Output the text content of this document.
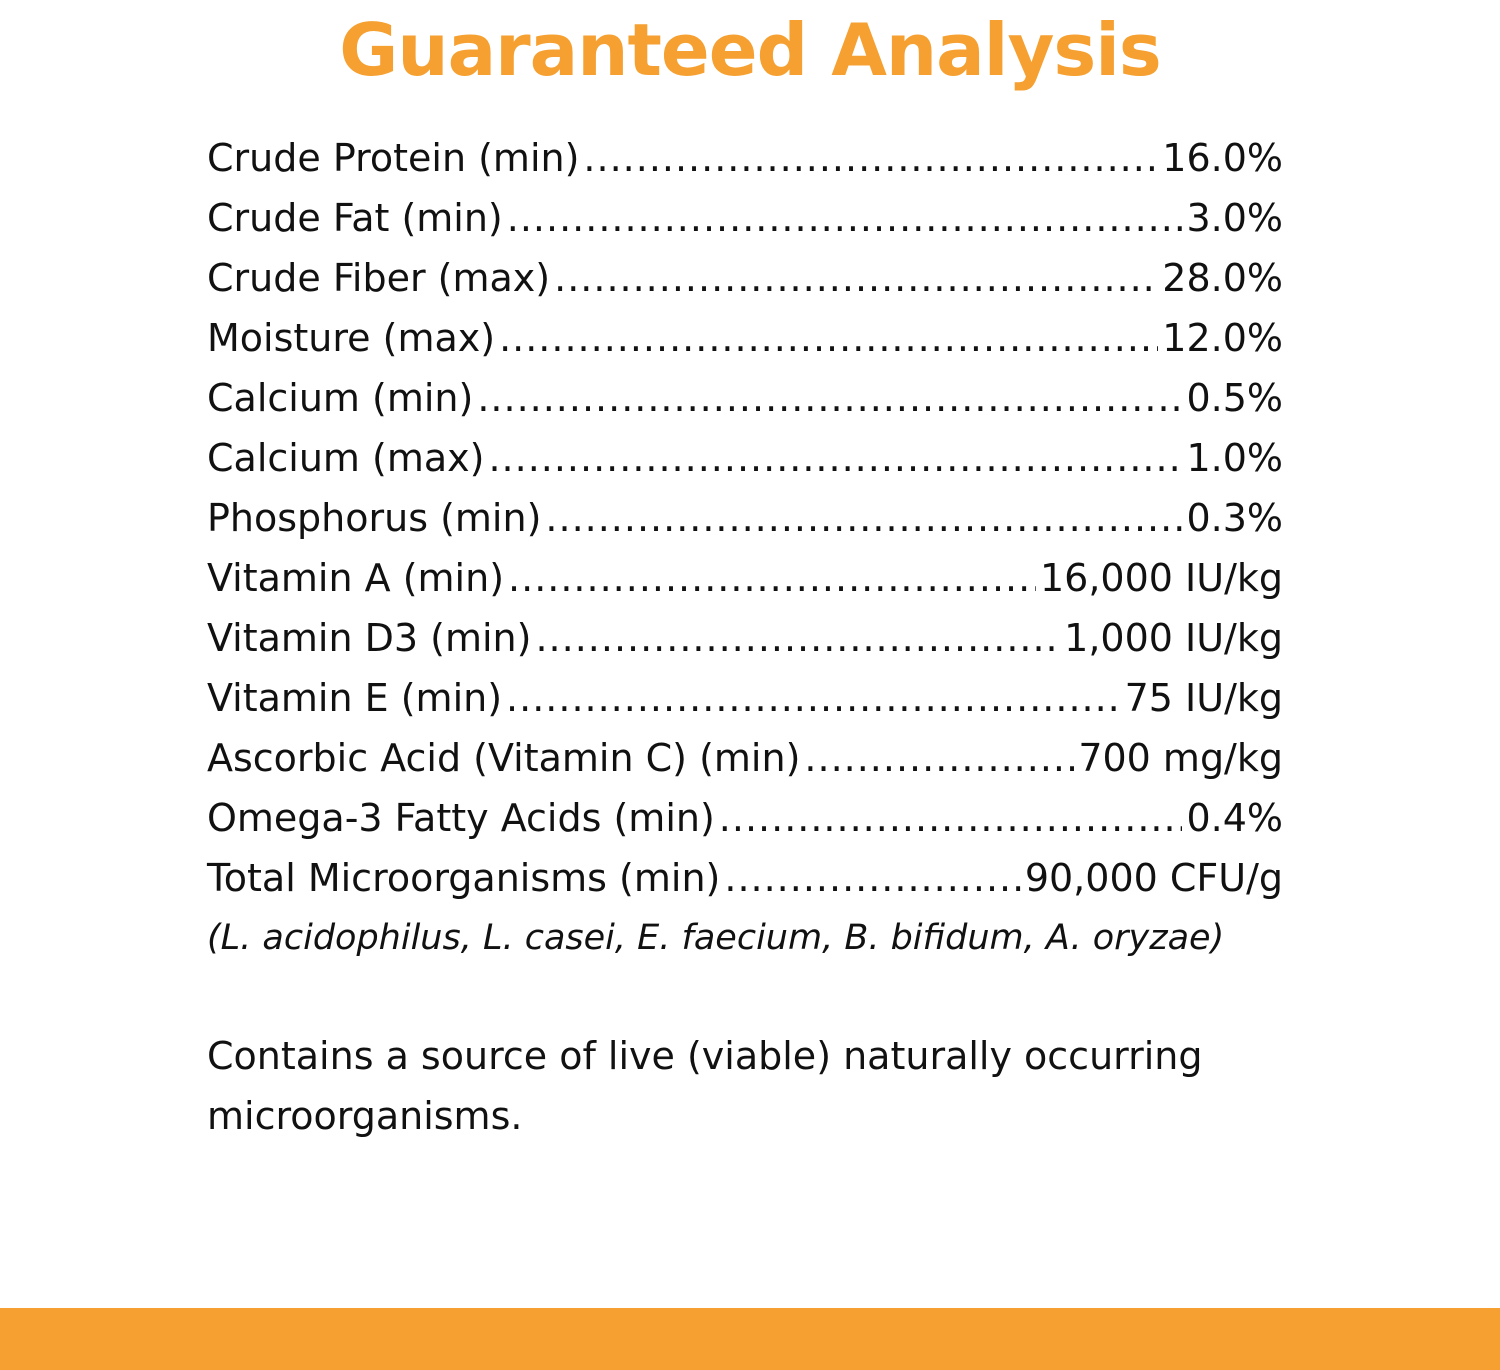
Guaranteed Analysis
Crude Protein (min) .....	16.0%
Crude Fat (min) .....	3.0%
Crude Fiber (max) .....	28.0%
Moisture (max) .....	12.0%
Calcium (min) .....	0.5%
Calcium (max) .....	1.0%
Phosphorus (min) .....	0.3%
Vitamin A (min) .....	16,000 IU/kg
Vitamin D3 (min) .....	1,000 IU/kg
Vitamin E (min) .....	75 IU/kg
Ascorbic Acid (Vitamin C) (min) .....	700 mg/kg
Omega-3 Fatty Acids (min) .....	0.4%
Total Microorganisms (min) .....	90,000 CFU/g
(L. acidophilus, L. casei, E. faecium, B. bifidum, A. oryzae)
Contains a source of live (viable) naturally occurring microorganisms.
